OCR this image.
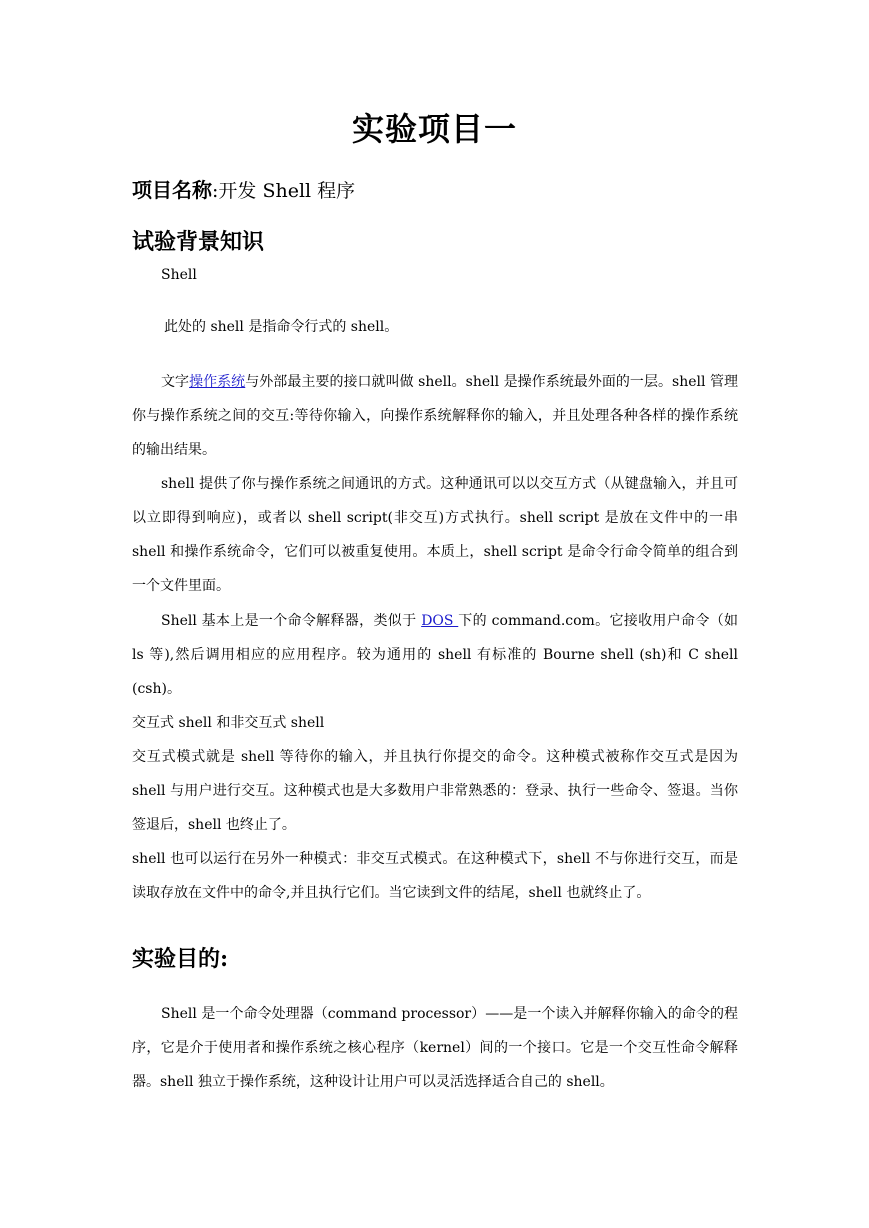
实验项目一
项目名称:开发 Shell 程序
试验背景知识
Shell
此处的 shell 是指命令行式的 shell。
文字操作系统与外部最主要的接口就叫做 shell。shell 是操作系统最外面的一层。shell 管理你与操作系统之间的交互:等待你输入，向操作系统解释你的输入，并且处理各种各样的操作系统的输出结果。
shell 提供了你与操作系统之间通讯的方式。这种通讯可以以交互方式（从键盘输入，并且可以立即得到响应)，或者以 shell script(非交互)方式执行。shell script 是放在文件中的一串 shell 和操作系统命令，它们可以被重复使用。本质上，shell script 是命令行命令简单的组合到一个文件里面。
Shell 基本上是一个命令解释器，类似于 DOS 下的 command.com。它接收用户命令（如 ls 等),然后调用相应的应用程序。较为通用的 shell 有标准的 Bourne shell (sh)和 C shell (csh)。
交互式 shell 和非交互式 shell
交互式模式就是 shell 等待你的输入，并且执行你提交的命令。这种模式被称作交互式是因为 shell 与用户进行交互。这种模式也是大多数用户非常熟悉的：登录、执行一些命令、签退。当你签退后，shell 也终止了。
shell 也可以运行在另外一种模式：非交互式模式。在这种模式下，shell 不与你进行交互，而是读取存放在文件中的命令,并且执行它们。当它读到文件的结尾，shell 也就终止了。
实验目的:
Shell 是一个命令处理器（command processor）——是一个读入并解释你输入的命令的程序，它是介于使用者和操作系统之核心程序（kernel）间的一个接口。它是一个交互性命令解释器。shell 独立于操作系统，这种设计让用户可以灵活选择适合自己的 shell。
